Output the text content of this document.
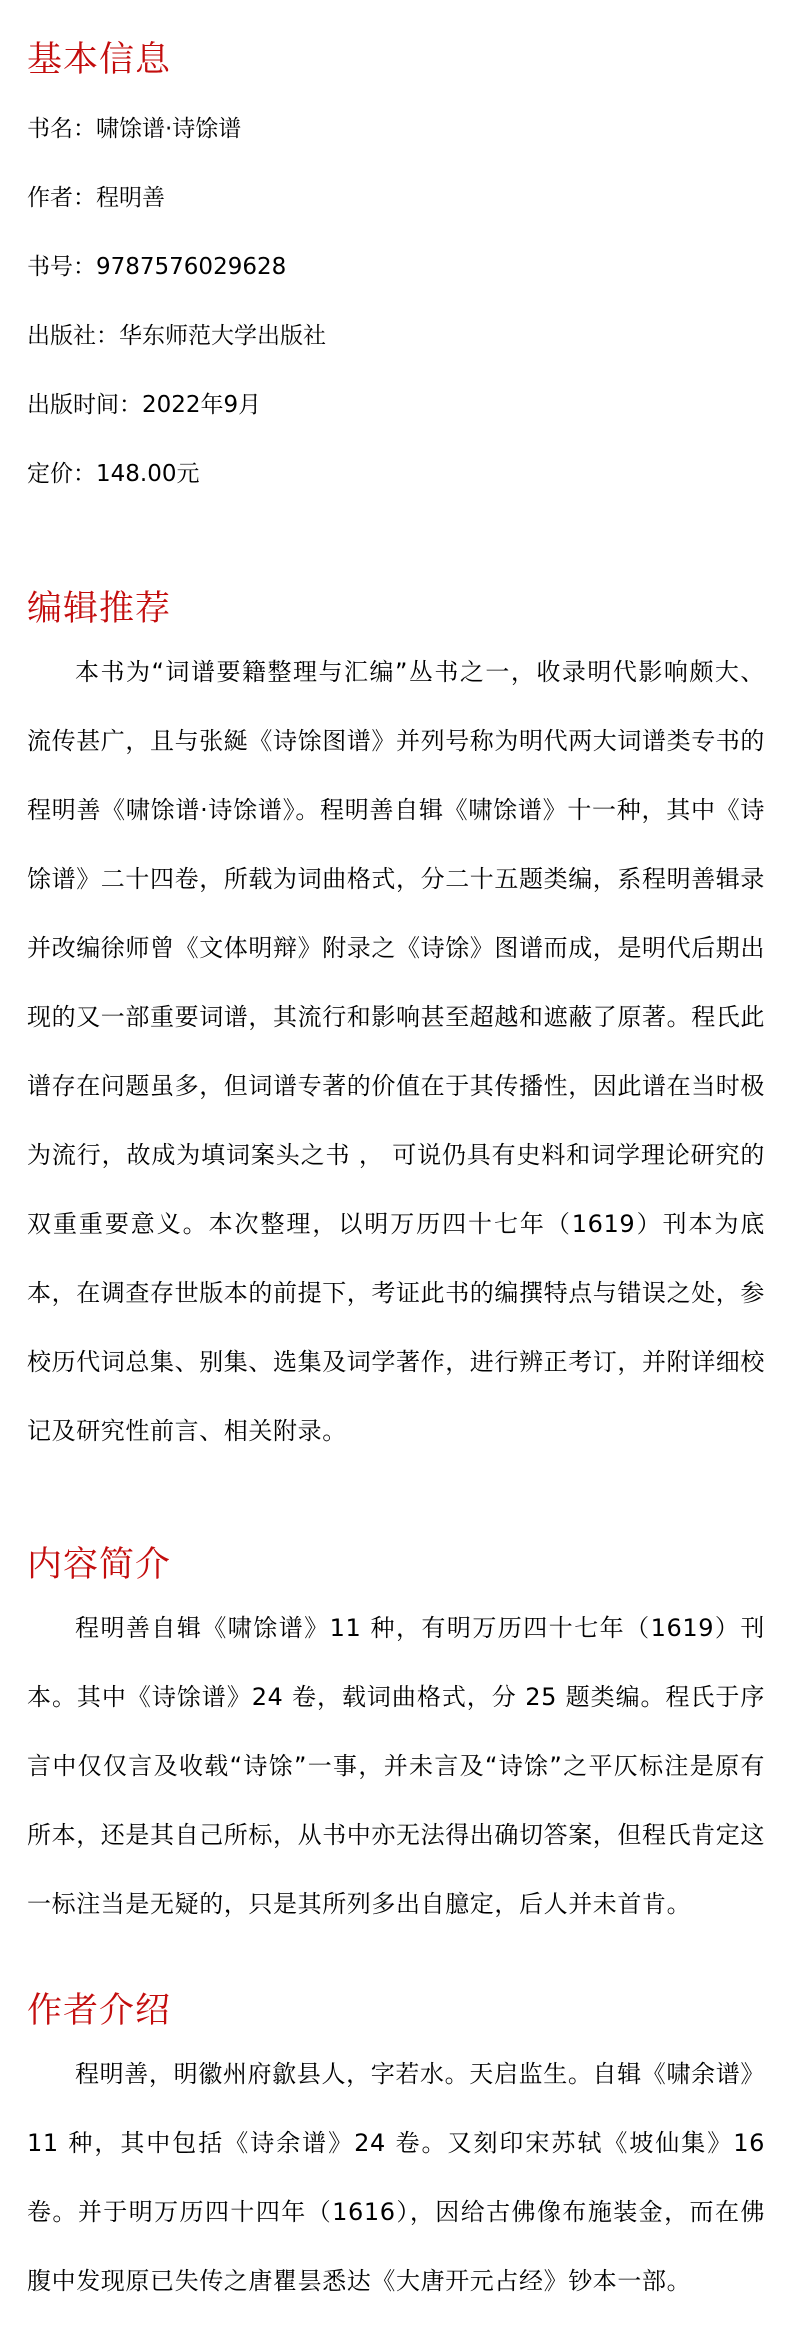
基本信息

书名：啸馀谱·诗馀谱

作者：程明善

书号：9787576029628

出版社：华东师范大学出版社

出版时间：2022年9月

定价：148.00元

编辑推荐

本书为“词谱要籍整理与汇编”丛书之一，收录明代影响颇大、流传甚广，且与张綖《诗馀图谱》并列号称为明代两大词谱类专书的程明善《啸馀谱·诗馀谱》。程明善自辑《啸馀谱》十一种，其中《诗馀谱》二十四卷，所载为词曲格式，分二十五题类编，系程明善辑录并改编徐师曾《文体明辩》附录之《诗馀》图谱而成，是明代后期出现的又一部重要词谱，其流行和影响甚至超越和遮蔽了原著。程氏此谱存在问题虽多，但词谱专著的价值在于其传播性，因此谱在当时极为流行，故成为填词案头之书 ， 可说仍具有史料和词学理论研究的双重重要意义。本次整理，以明万历四十七年（1619）刊本为底本，在调查存世版本的前提下，考证此书的编撰特点与错误之处，参校历代词总集、别集、选集及词学著作，进行辨正考订，并附详细校记及研究性前言、相关附录。

内容简介

程明善自辑《啸馀谱》11 种，有明万历四十七年（1619）刊本。其中《诗馀谱》24 卷，载词曲格式，分 25 题类编。程氏于序言中仅仅言及收载“诗馀”一事，并未言及“诗馀”之平仄标注是原有所本，还是其自己所标，从书中亦无法得出确切答案，但程氏肯定这一标注当是无疑的，只是其所列多出自臆定，后人并未首肯。

作者介绍

程明善，明徽州府歙县人，字若水。天启监生。自辑《啸余谱》11 种，其中包括《诗余谱》24 卷。又刻印宋苏轼《坡仙集》16 卷。并于明万历四十四年（1616），因给古佛像布施装金，而在佛腹中发现原已失传之唐瞿昙悉达《大唐开元占经》钞本一部。
